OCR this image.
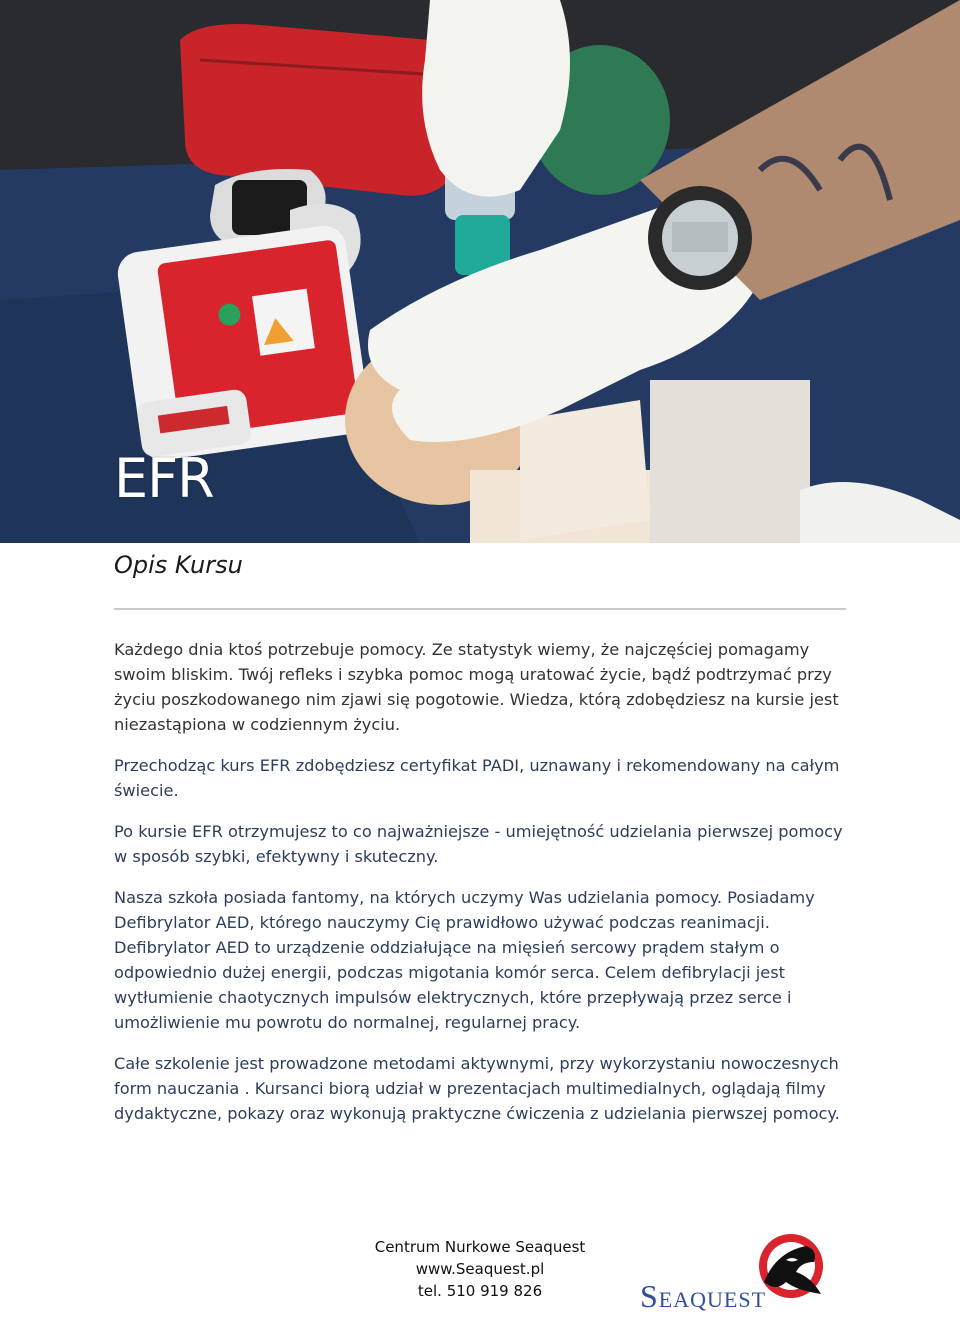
EFR
Opis Kursu

Każdego dnia ktoś potrzebuje pomocy. Ze statystyk wiemy, że najczęściej pomagamy swoim bliskim. Twój refleks i szybka pomoc mogą uratować życie, bądź podtrzymać przy życiu poszkodowanego nim zjawi się pogotowie. Wiedza, którą zdobędziesz na kursie jest niezastąpiona w codziennym życiu.

Przechodząc kurs EFR zdobędziesz certyfikat PADI, uznawany i rekomendowany na całym świecie.

Po kursie EFR otrzymujesz to co najważniejsze - umiejętność udzielania pierwszej pomocy w sposób szybki, efektywny i skuteczny.

Nasza szkoła posiada fantomy, na których uczymy Was udzielania pomocy. Posiadamy Defibrylator AED, którego nauczymy Cię prawidłowo używać podczas reanimacji. Defibrylator AED to urządzenie oddziałujące na mięsień sercowy prądem stałym o odpowiednio dużej energii, podczas migotania komór serca. Celem defibrylacji jest wytłumienie chaotycznych impulsów elektrycznych, które przepływają przez serce i umożliwienie mu powrotu do normalnej, regularnej pracy.

Całe szkolenie jest prowadzone metodami aktywnymi, przy wykorzystaniu nowoczesnych form nauczania . Kursanci biorą udział w prezentacjach multimedialnych, oglądają filmy dydaktyczne, pokazy oraz wykonują praktyczne ćwiczenia z udzielania pierwszej pomocy.

Centrum Nurkowe Seaquest
www.Seaquest.pl
tel. 510 919 826	Seaquest
